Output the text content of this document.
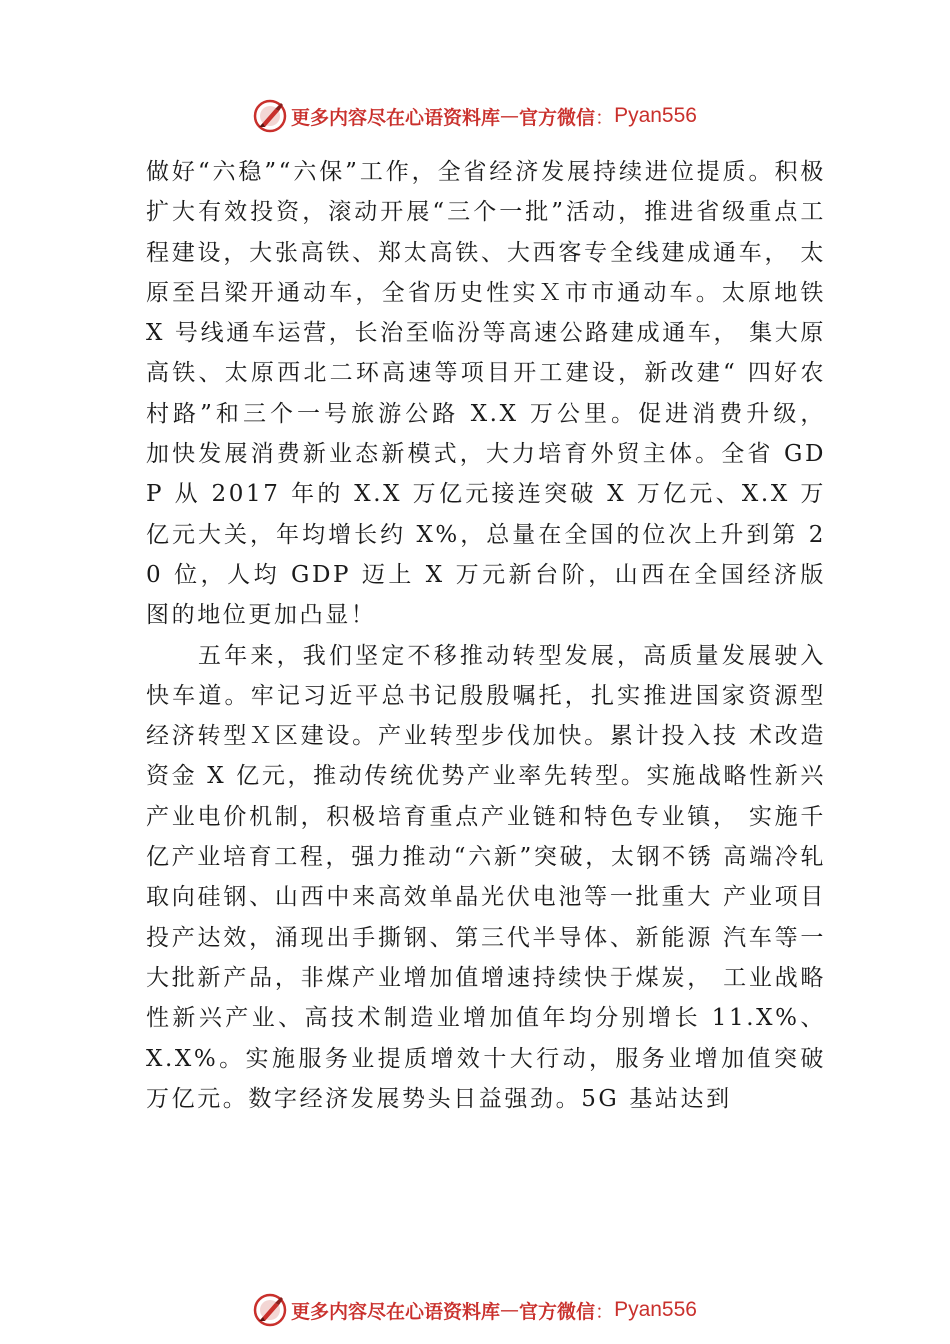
更多内容尽在心语资料库 — 官方微信 ： Pyan556

做好“六稳”“六保”工作，全省经济发展持续进位提质。积极扩大有效投资，滚动开展“三个一批”活动，推进省级重点工程建设，大张高铁、郑太高铁、大西客专全线建成通车， 太原至吕梁开通动车，全省历史性实Ｘ市市通动车。太原地铁 X 号线通车运营，长治至临汾等高速公路建成通车， 集大原高铁、太原西北二环高速等项目开工建设，新改建“ 四好农村路”和三个一号旅游公路 X.X 万公里。促进消费升级， 加快发展消费新业态新模式，大力培育外贸主体。全省 GDP 从 2017 年的 X.X 万亿元接连突破 X 万亿元、X.X 万亿元大关，年均增长约 X%，总量在全国的位次上升到第 20 位，人均 GDP 迈上 X 万元新台阶，山西在全国经济版图的地位更加凸显！

五年来，我们坚定不移推动转型发展，高质量发展驶入快车道。牢记习近平总书记殷殷嘱托，扎实推进国家资源型 经济转型Ｘ区建设。产业转型步伐加快。累计投入技 术改造资金 X 亿元，推动传统优势产业率先转型。实施战略性新兴产业电价机制，积极培育重点产业链和特色专业镇， 实施千亿产业培育工程，强力推动“六新”突破，太钢不锈 高端冷轧取向硅钢、山西中来高效单晶光伏电池等一批重大 产业项目投产达效，涌现出手撕钢、第三代半导体、新能源 汽车等一大批新产品，非煤产业增加值增速持续快于煤炭， 工业战略性新兴产业、高技术制造业增加值年均分别增长 11.X%、X.X%。实施服务业提质增效十大行动，服务业增加值突破万亿元。数字经济发展势头日益强劲。5G 基站达到

更多内容尽在心语资料库 — 官方微信 ： Pyan556
